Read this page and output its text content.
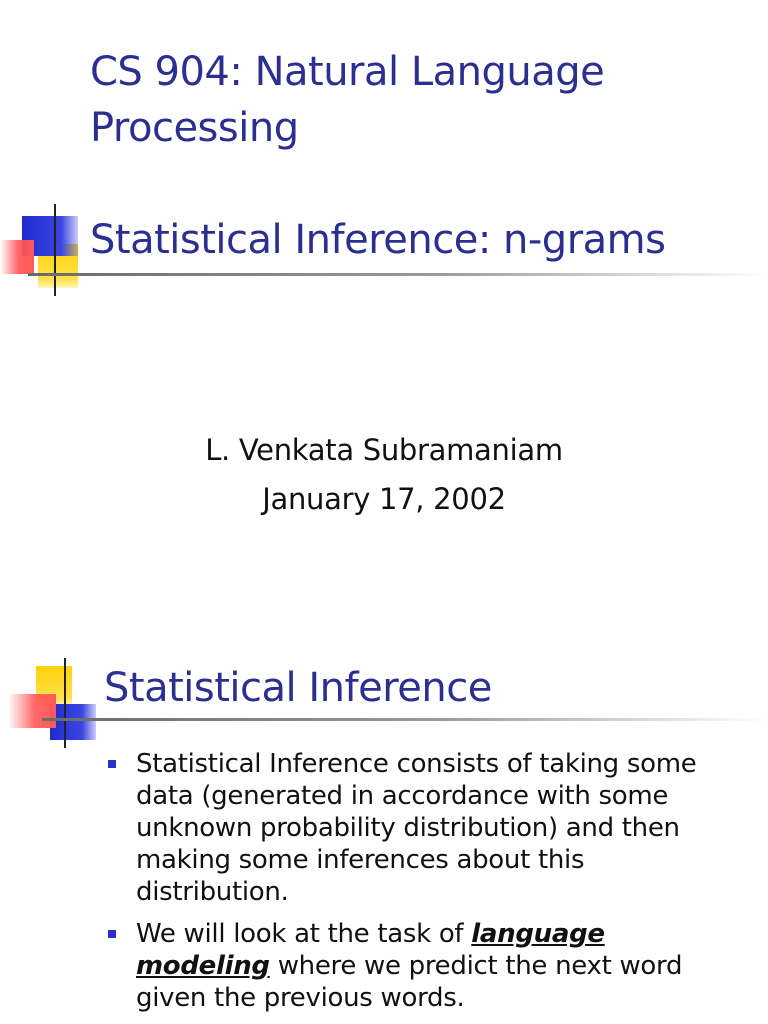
CS 904: Natural Language
Processing
Statistical Inference: n-grams
L. Venkata Subramaniam
January 17, 2002
Statistical Inference
Statistical Inference consists of taking some data (generated in accordance with some unknown probability distribution) and then making some inferences about this distribution.
We will look at the task of language modeling where we predict the next word given the previous words.
